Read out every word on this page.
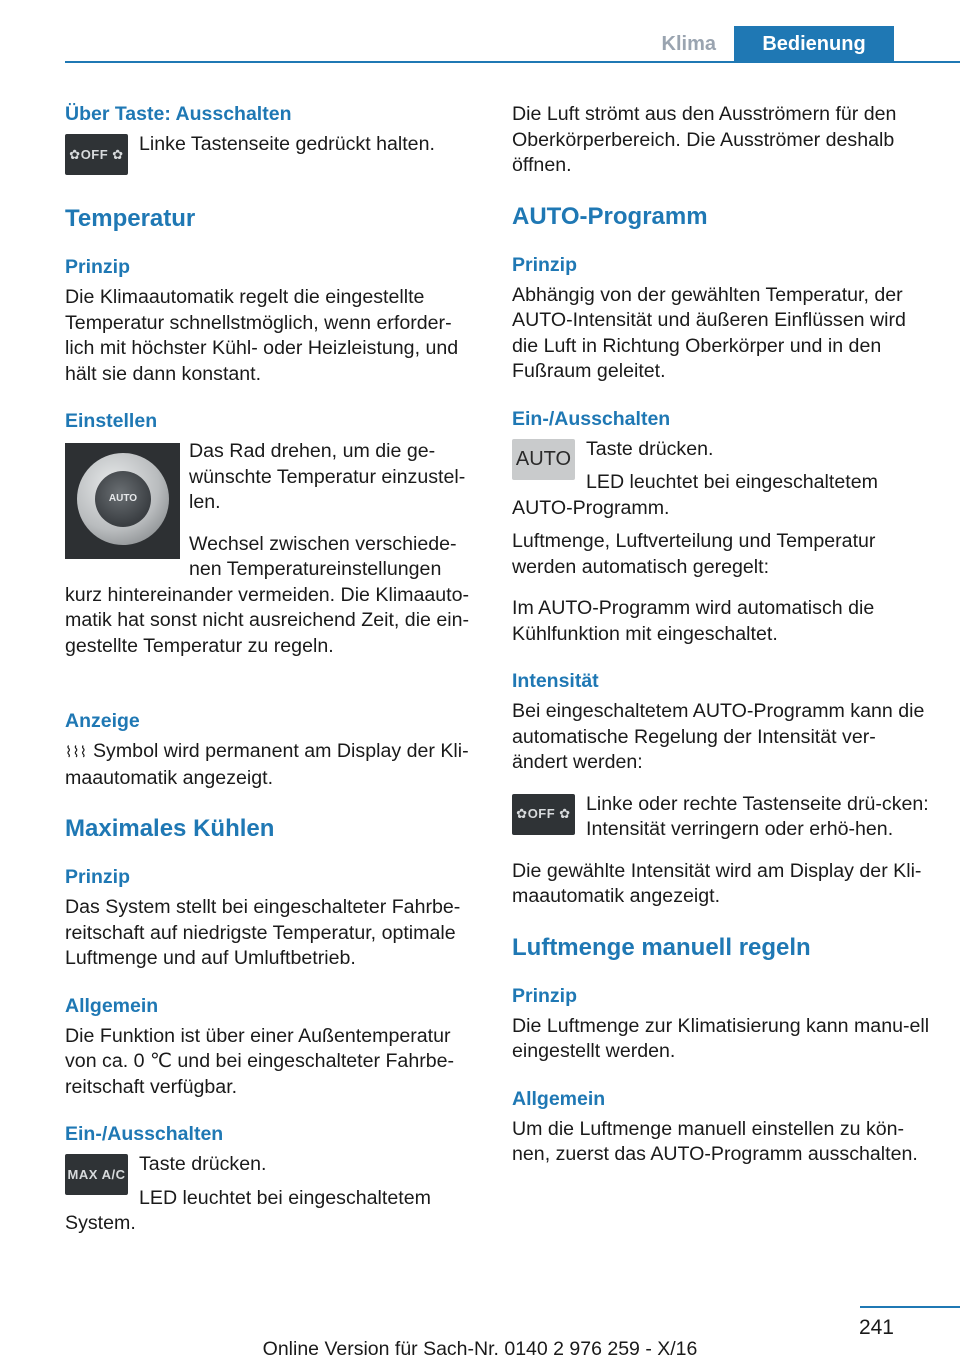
Klima	Bedienung
Über Taste: Ausschalten
✿OFF ✿ Linke Tastenseite gedrückt halten.

Temperatur
Prinzip

Die Klimaautomatik regelt die eingestellte Temperatur schnellstmöglich, wenn erforder-lich mit höchster Kühl- oder Heizleistung, und hält sie dann konstant.

Einstellen
AUTO

Das Rad drehen, um die ge-wünschte Temperatur einzustel-len.

Wechsel zwischen verschiede-nen Temperatureinstellungen kurz hintereinander vermeiden. Die Klimaauto-matik hat sonst nicht ausreichend Zeit, die ein-gestellte Temperatur zu regeln.

Anzeige

⌇⌇⌇ Symbol wird permanent am Display der Kli-maautomatik angezeigt.

Maximales Kühlen
Prinzip

Das System stellt bei eingeschalteter Fahrbe-reitschaft auf niedrigste Temperatur, optimale Luftmenge und auf Umluftbetrieb.

Allgemein

Die Funktion ist über einer Außentemperatur von ca. 0 ℃ und bei eingeschalteter Fahrbe-reitschaft verfügbar.

Ein-/Ausschalten
MAX A/C Taste drücken.

LED leuchtet bei eingeschaltetem System.

Die Luft strömt aus den Ausströmern für den Oberkörperbereich. Die Ausströmer deshalb öffnen.

AUTO-Programm
Prinzip

Abhängig von der gewählten Temperatur, der AUTO-Intensität und äußeren Einflüssen wird die Luft in Richtung Oberkörper und in den Fußraum geleitet.

Ein-/Ausschalten
AUTO Taste drücken.

LED leuchtet bei eingeschaltetem AUTO-Programm.

Luftmenge, Luftverteilung und Temperatur werden automatisch geregelt:

Im AUTO-Programm wird automatisch die Kühlfunktion mit eingeschaltet.

Intensität

Bei eingeschaltetem AUTO-Programm kann die automatische Regelung der Intensität ver-ändert werden:

✿OFF ✿ Linke oder rechte Tastenseite drü-cken: Intensität verringern oder erhö-hen.

Die gewählte Intensität wird am Display der Kli-maautomatik angezeigt.

Luftmenge manuell regeln
Prinzip

Die Luftmenge zur Klimatisierung kann manu-ell eingestellt werden.

Allgemein

Um die Luftmenge manuell einstellen zu kön-nen, zuerst das AUTO-Programm ausschalten.

241
Online Version für Sach-Nr. 0140 2 976 259 - X/16
